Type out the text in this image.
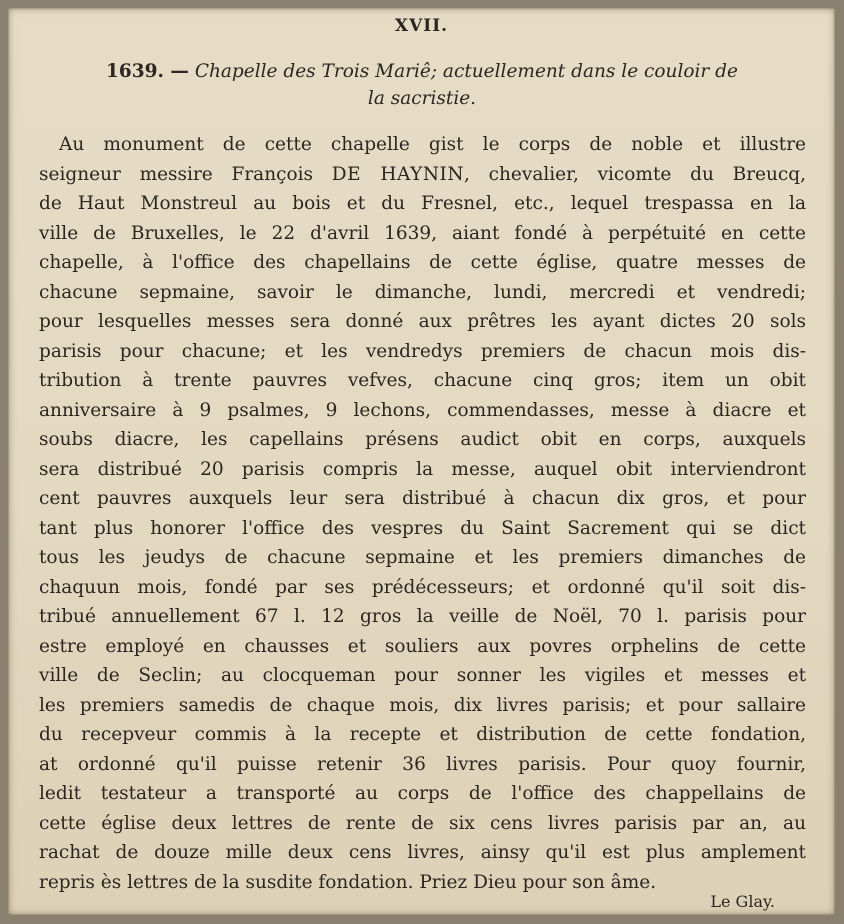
XVII.
1639. — Chapelle des Trois Mariê; actuellement dans le couloir de
la sacristie.
Au monument de cette chapelle gist le corps de noble et illustre
seigneur messire François DE HAYNIN, chevalier, vicomte du Breucq,
de Haut Monstreul au bois et du Fresnel, etc., lequel trespassa en la
ville de Bruxelles, le 22 d'avril 1639, aiant fondé à perpétuité en cette
chapelle, à l'office des chapellains de cette église, quatre messes de
chacune sepmaine, savoir le dimanche, lundi, mercredi et vendredi;
pour lesquelles messes sera donné aux prêtres les ayant dictes 20 sols
parisis pour chacune; et les vendredys premiers de chacun mois dis-
tribution à trente pauvres vefves, chacune cinq gros; item un obit
anniversaire à 9 psalmes, 9 lechons, commendasses, messe à diacre et
soubs diacre, les capellains présens audict obit en corps, auxquels
sera distribué 20 parisis compris la messe, auquel obit interviendront
cent pauvres auxquels leur sera distribué à chacun dix gros, et pour
tant plus honorer l'office des vespres du Saint Sacrement qui se dict
tous les jeudys de chacune sepmaine et les premiers dimanches de
chaquun mois, fondé par ses prédécesseurs; et ordonné qu'il soit dis-
tribué annuellement 67 l. 12 gros la veille de Noël, 70 l. parisis pour
estre employé en chausses et souliers aux povres orphelins de cette
ville de Seclin; au clocqueman pour sonner les vigiles et messes et
les premiers samedis de chaque mois, dix livres parisis; et pour sallaire
du recepveur commis à la recepte et distribution de cette fondation,
at ordonné qu'il puisse retenir 36 livres parisis. Pour quoy fournir,
ledit testateur a transporté au corps de l'office des chappellains de
cette église deux lettres de rente de six cens livres parisis par an, au
rachat de douze mille deux cens livres, ainsy qu'il est plus amplement
repris ès lettres de la susdite fondation. Priez Dieu pour son âme.
Le Glay.
